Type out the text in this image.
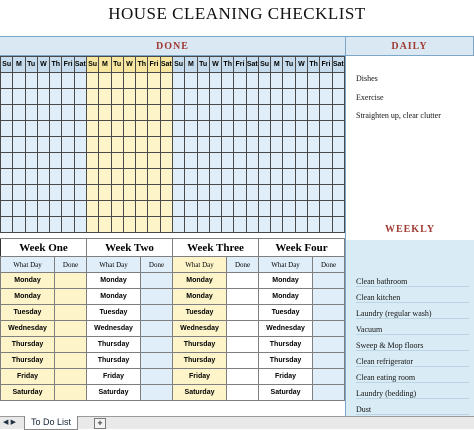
HOUSE CLEANING CHECKLIST
DONE	DAILY
Su	M	Tu	W	Th	Fri	Sat	Su	M	Tu	W	Th	Fri	Sat	Su	M	Tu	W	Th	Fri	Sat	Su	M	Tu	W	Th	Fri	Sat

Dishes
Exercise
Straighten up, clear clutter
WEEKLY
Clean bathroom
Clean kitchen
Laundry (regular wash)
Vacuum
Sweep & Mop floors
Clean refrigerator
Clean eating room
Laundry (bedding)
Dust
Week One		Week Two		Week Three		Week Four	
What Day	Done	What Day	Done	What Day	Done	What Day	Done
Monday		Monday		Monday		Monday	
Monday		Monday		Monday		Monday	
Tuesday		Tuesday		Tuesday		Tuesday	
Wednesday		Wednesday		Wednesday		Wednesday	
Thursday		Thursday		Thursday		Thursday	
Thursday		Thursday		Thursday		Thursday	
Friday		Friday		Friday		Friday	
Saturday		Saturday		Saturday		Saturday	
◀ ▶	To Do List	✚
